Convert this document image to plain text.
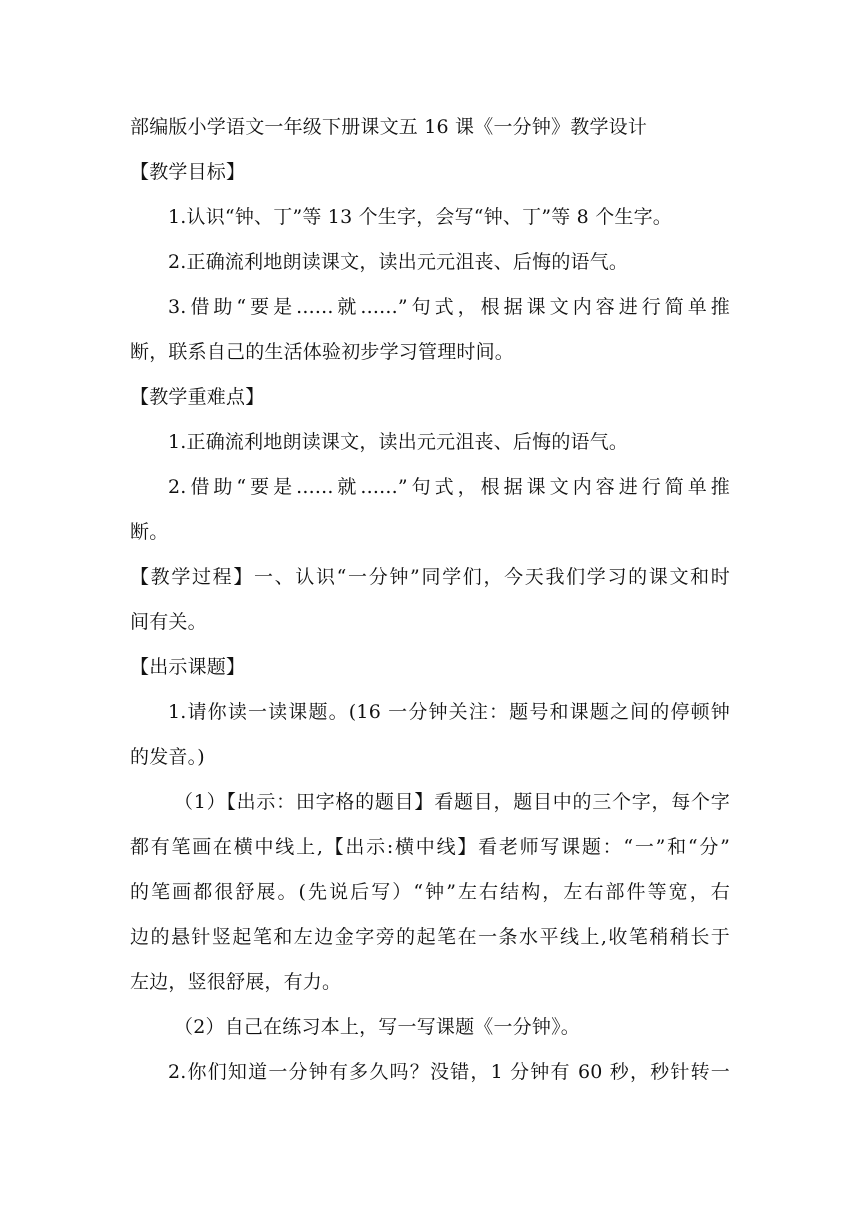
部编版小学语文一年级下册课文五 16 课《一分钟》教学设计
【教学目标】
1.认识“钟、丁”等 13 个生字，会写“钟、丁”等 8 个生字。
2.正确流利地朗读课文，读出元元沮丧、后悔的语气。
3.借助“要是......就......”句式，根据课文内容进行简单推
断，联系自己的生活体验初步学习管理时间。
【教学重难点】
1.正确流利地朗读课文，读出元元沮丧、后悔的语气。
2.借助“要是......就......”句式，根据课文内容进行简单推
断。
【教学过程】一、认识“一分钟”同学们，今天我们学习的课文和时
间有关。
【出示课题】
1.请你读一读课题。(16 一分钟关注：题号和课题之间的停顿钟
的发音。)
（1）【出示：田字格的题目】看题目，题目中的三个字，每个字
都有笔画在横中线上,【出示:横中线】看老师写课题：“一”和“分”
的笔画都很舒展。(先说后写）“钟”左右结构，左右部件等宽，右
边的悬针竖起笔和左边金字旁的起笔在一条水平线上,收笔稍稍长于
左边，竖很舒展，有力。
（2）自己在练习本上，写一写课题《一分钟》。
2.你们知道一分钟有多久吗？没错，1 分钟有 60 秒，秒针转一
